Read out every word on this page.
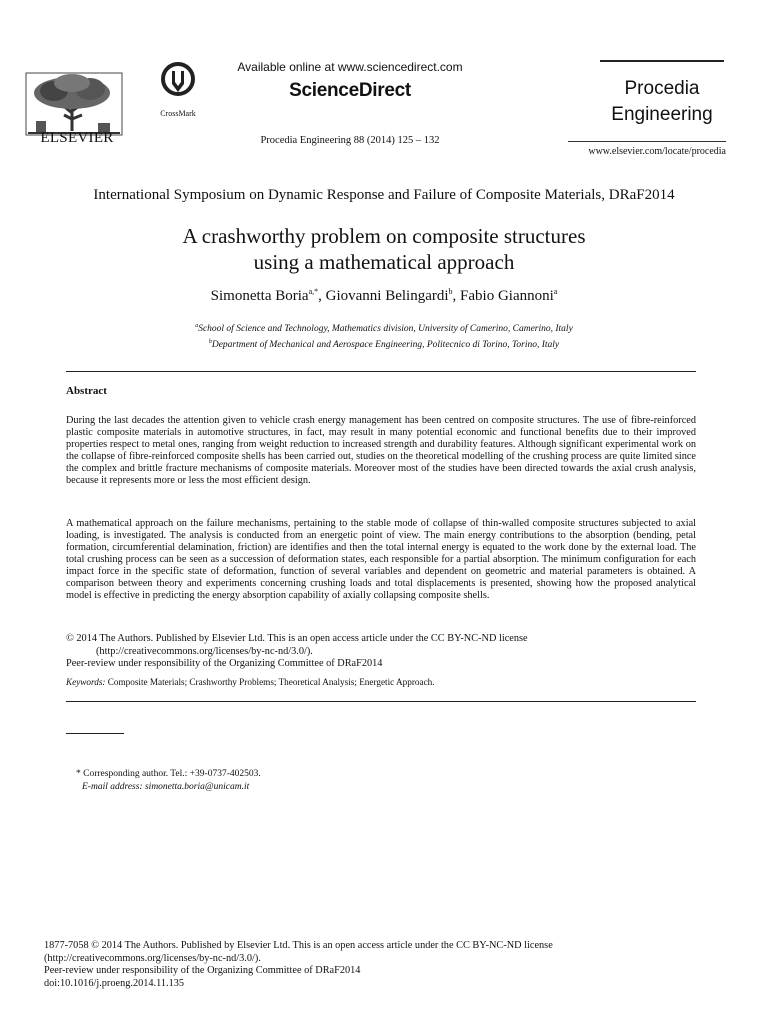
ELSEVIER
CrossMark
Available online at www.sciencedirect.com
ScienceDirect
Procedia Engineering 88 (2014) 125 – 132
Procedia
Engineering
www.elsevier.com/locate/procedia
International Symposium on Dynamic Response and Failure of Composite Materials, DRaF2014
A crashworthy problem on composite structures
using a mathematical approach
Simonetta Boria$^{a,*}$, Giovanni Belingardi$^b$, Fabio Giannoni$^a$
$^a$School of Science and Technology, Mathematics division, University of Camerino, Camerino, Italy
$^b$Department of Mechanical and Aerospace Engineering, Politecnico di Torino, Torino, Italy
Abstract
During the last decades the attention given to vehicle crash energy management has been centred on composite structures. The use of fibre-reinforced plastic composite materials in automotive structures, in fact, may result in many potential economic and functional benefits due to their improved properties respect to metal ones, ranging from weight reduction to increased strength and durability features. Although significant experimental work on the collapse of fibre-reinforced composite shells has been carried out, studies on the theoretical modelling of the crushing process are quite limited since the complex and brittle fracture mechanisms of composite materials. Moreover most of the studies have been directed towards the axial crush analysis, because it represents more or less the most efficient design.
A mathematical approach on the failure mechanisms, pertaining to the stable mode of collapse of thin-walled composite structures subjected to axial loading, is investigated. The analysis is conducted from an energetic point of view. The main energy contributions to the absorption (bending, petal formation, circumferential delamination, friction) are identifies and then the total internal energy is equated to the work done by the external load. The total crushing process can be seen as a succession of deformation states, each responsible for a partial absorption. The minimum configuration for each impact force in the specific state of deformation, function of several variables and dependent on geometric and material parameters is obtained. A comparison between theory and experiments concerning crushing loads and total displacements is presented, showing how the proposed analytical model is effective in predicting the energy absorption capability of axially collapsing composite shells.
© 2014 The Authors. Published by Elsevier Ltd. This is an open access article under the CC BY-NC-ND license
(http://creativecommons.org/licenses/by-nc-nd/3.0/).
Peer-review under responsibility of the Organizing Committee of DRaF2014
Keywords: Composite Materials; Crashworthy Problems; Theoretical Analysis; Energetic Approach.
* Corresponding author. Tel.: +39-0737-402503.
E-mail address: simonetta.boria@unicam.it
1877-7058 © 2014 The Authors. Published by Elsevier Ltd. This is an open access article under the CC BY-NC-ND license
(http://creativecommons.org/licenses/by-nc-nd/3.0/).
Peer-review under responsibility of the Organizing Committee of DRaF2014
doi:10.1016/j.proeng.2014.11.135
